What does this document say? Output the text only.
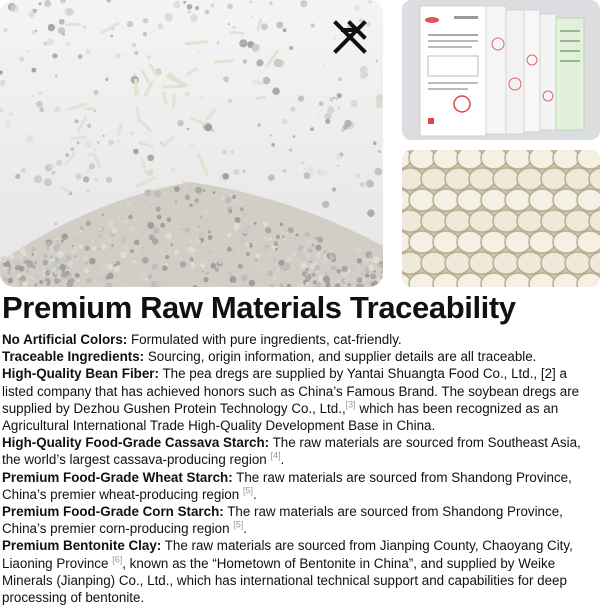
Premium Raw Materials Traceability

No Artificial Colors: Formulated with pure ingredients, cat-friendly.

Traceable Ingredients: Sourcing, origin information, and supplier details are all traceable.

High-Quality Bean Fiber: The pea dregs are supplied by Yantai Shuangta Food Co., Ltd., [2] a listed company that has achieved honors such as China’s Famous Brand. The soybean dregs are supplied by Dezhou Gushen Protein Technology Co., Ltd.,[3] which has been recognized as an Agricultural International Trade High-Quality Development Base in China.

High-Quality Food-Grade Cassava Starch: The raw materials are sourced from Southeast Asia, the world’s largest cassava-producing region [4].

Premium Food-Grade Wheat Starch: The raw materials are sourced from Shandong Province, China’s premier wheat-producing region [5].

Premium Food-Grade Corn Starch: The raw materials are sourced from Shandong Province, China’s premier corn-producing region [5].

Premium Bentonite Clay: The raw materials are sourced from Jianping County, Chaoyang City, Liaoning Province [6], known as the “Hometown of Bentonite in China”, and supplied by Weike Minerals (Jianping) Co., Ltd., which has international technical support and capabilities for deep processing of bentonite.
